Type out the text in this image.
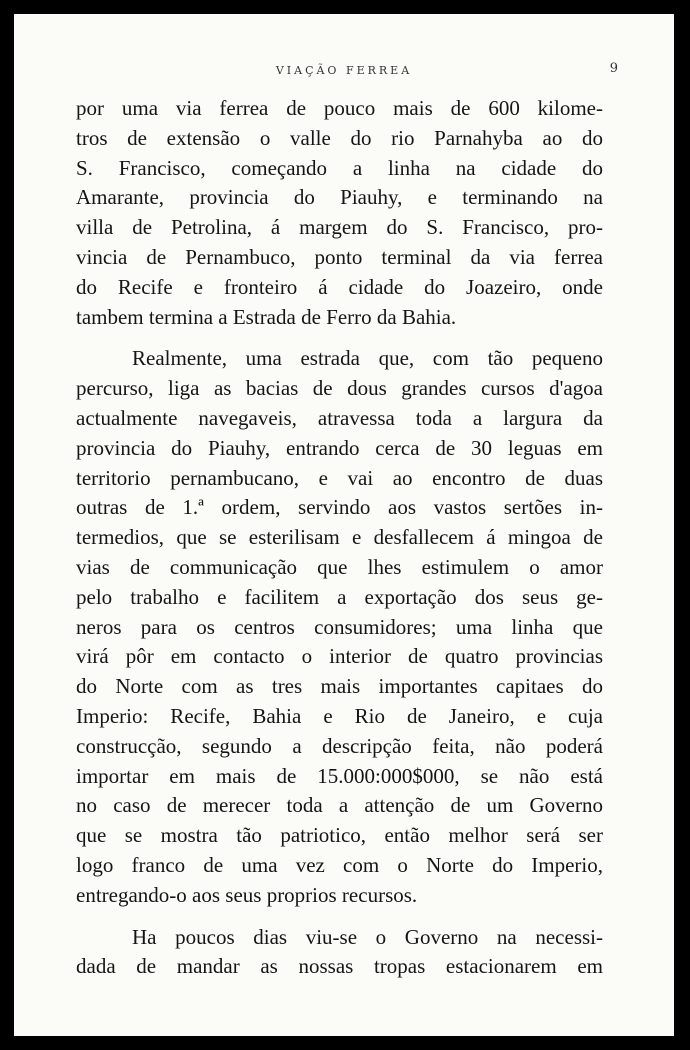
VIAÇÃO FERREA	9
por uma via ferrea de pouco mais de 600 kilome-
tros de extensão o valle do rio Parnahyba ao do
S. Francisco, começando a linha na cidade do
Amarante, provincia do Piauhy, e terminando na
villa de Petrolina, á margem do S. Francisco, pro-
vincia de Pernambuco, ponto terminal da via ferrea
do Recife e fronteiro á cidade do Joazeiro, onde
tambem termina a Estrada de Ferro da Bahia.
Realmente, uma estrada que, com tão pequeno
percurso, liga as bacias de dous grandes cursos d'agoa
actualmente navegaveis, atravessa toda a largura da
provincia do Piauhy, entrando cerca de 30 leguas em
territorio pernambucano, e vai ao encontro de duas
outras de 1.ª ordem, servindo aos vastos sertões in-
termedios, que se esterilisam e desfallecem á mingoa de
vias de communicação que lhes estimulem o amor
pelo trabalho e facilitem a exportação dos seus ge-
neros para os centros consumidores; uma linha que
virá pôr em contacto o interior de quatro provincias
do Norte com as tres mais importantes capitaes do
Imperio: Recife, Bahia e Rio de Janeiro, e cuja
construcção, segundo a descripção feita, não poderá
importar em mais de 15.000:000$000, se não está
no caso de merecer toda a attenção de um Governo
que se mostra tão patriotico, então melhor será ser
logo franco de uma vez com o Norte do Imperio,
entregando-o aos seus proprios recursos.
Ha poucos dias viu-se o Governo na necessi-
dada de mandar as nossas tropas estacionarem em
